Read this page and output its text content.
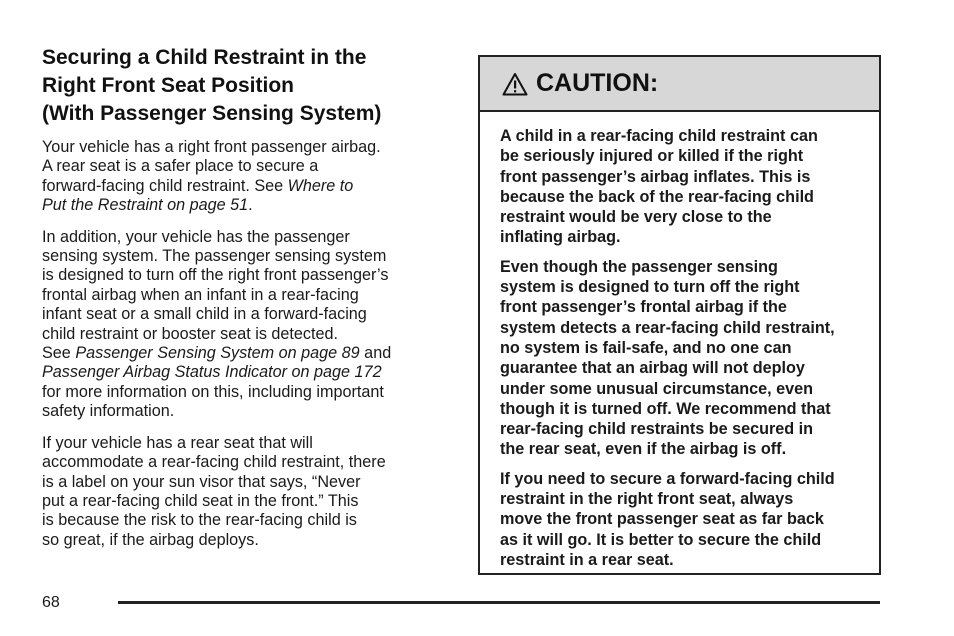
Securing a Child Restraint in the
Right Front Seat Position
(With Passenger Sensing System)

Your vehicle has a right front passenger airbag.
A rear seat is a safer place to secure a
forward-facing child restraint. See Where to
Put the Restraint on page 51.

In addition, your vehicle has the passenger
sensing system. The passenger sensing system
is designed to turn off the right front passenger’s
frontal airbag when an infant in a rear-facing
infant seat or a small child in a forward-facing
child restraint or booster seat is detected.
See Passenger Sensing System on page 89 and
Passenger Airbag Status Indicator on page 172
for more information on this, including important
safety information.

If your vehicle has a rear seat that will
accommodate a rear-facing child restraint, there
is a label on your sun visor that says, “Never
put a rear-facing child seat in the front.” This
is because the risk to the rear-facing child is
so great, if the airbag deploys.

CAUTION:

A child in a rear-facing child restraint can
be seriously injured or killed if the right
front passenger’s airbag inflates. This is
because the back of the rear-facing child
restraint would be very close to the
inflating airbag.

Even though the passenger sensing
system is designed to turn off the right
front passenger’s frontal airbag if the
system detects a rear-facing child restraint,
no system is fail-safe, and no one can
guarantee that an airbag will not deploy
under some unusual circumstance, even
though it is turned off. We recommend that
rear-facing child restraints be secured in
the rear seat, even if the airbag is off.

If you need to secure a forward-facing child
restraint in the right front seat, always
move the front passenger seat as far back
as it will go. It is better to secure the child
restraint in a rear seat.

68
